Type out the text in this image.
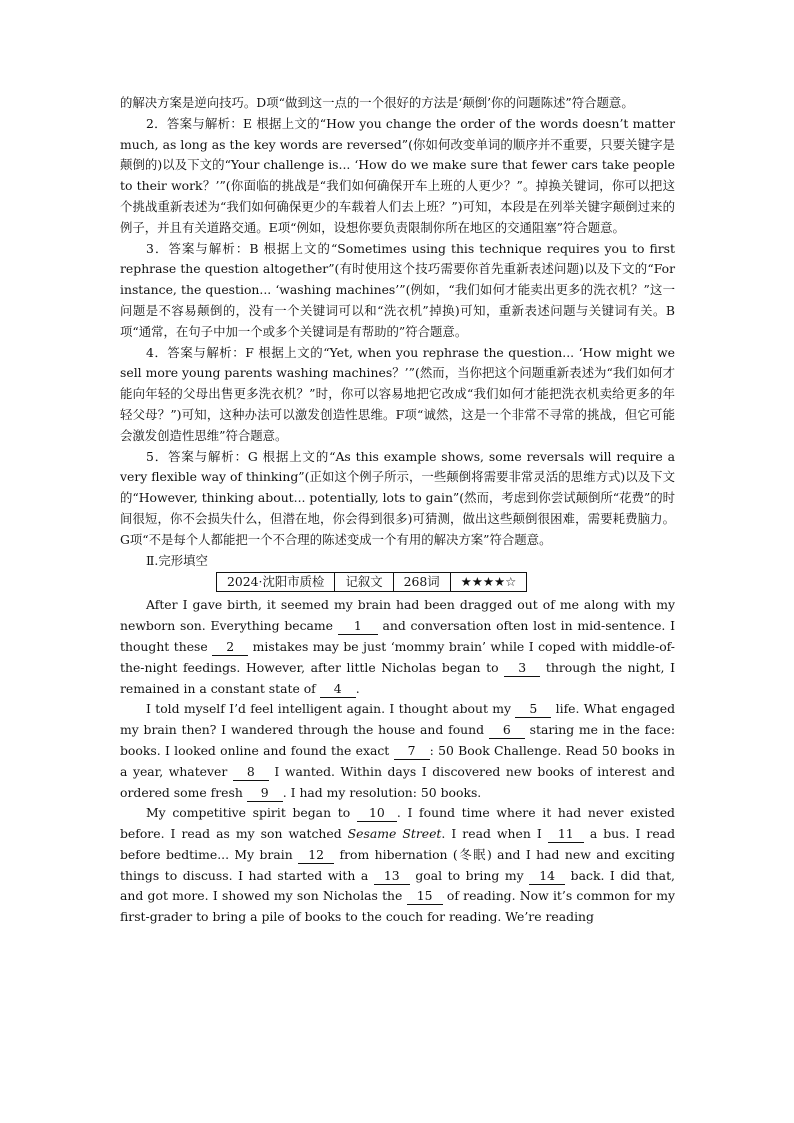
的解决方案是逆向技巧。D项“做到这一点的一个很好的方法是‘颠倒’你的问题陈述”符合题意。

2．答案与解析：E 根据上文的“How you change the order of the words doesn’t matter much, as long as the key words are reversed”(你如何改变单词的顺序并不重要，只要关键字是颠倒的)以及下文的“Your challenge is... ‘How do we make sure that fewer cars take people to their work？’”(你面临的挑战是“我们如何确保开车上班的人更少？”。掉换关键词，你可以把这个挑战重新表述为“我们如何确保更少的车载着人们去上班？”)可知，本段是在列举关键字颠倒过来的例子，并且有关道路交通。E项“例如，设想你要负责限制你所在地区的交通阻塞”符合题意。

3．答案与解析：B 根据上文的“Sometimes using this technique requires you to first rephrase the question altogether”(有时使用这个技巧需要你首先重新表述问题)以及下文的“For instance, the question... ‘washing machines’”(例如，“我们如何才能卖出更多的洗衣机？”这一问题是不容易颠倒的，没有一个关键词可以和“洗衣机”掉换)可知，重新表述问题与关键词有关。B项“通常，在句子中加一个或多个关键词是有帮助的”符合题意。

4．答案与解析：F 根据上文的“Yet, when you rephrase the question... ‘How might we sell more young parents washing machines？’”(然而，当你把这个问题重新表述为“我们如何才能向年轻的父母出售更多洗衣机？”时，你可以容易地把它改成“我们如何才能把洗衣机卖给更多的年轻父母？”)可知，这种办法可以激发创造性思维。F项“诚然，这是一个非常不寻常的挑战，但它可能会激发创造性思维”符合题意。

5．答案与解析：G 根据上文的“As this example shows, some reversals will require a very flexible way of thinking”(正如这个例子所示，一些颠倒将需要非常灵活的思维方式)以及下文的“However, thinking about... potentially, lots to gain”(然而，考虑到你尝试颠倒所“花费”的时间很短，你不会损失什么，但潜在地，你会得到很多)可猜测，做出这些颠倒很困难，需要耗费脑力。G项“不是每个人都能把一个不合理的陈述变成一个有用的解决方案”符合题意。

Ⅱ.完形填空

2024·沈阳市质检	记叙文	268词	★★★★☆

After I gave birth, it seemed my brain had been dragged out of me along with my newborn son. Everything became 1 and conversation often lost in mid-sentence. I thought these 2 mistakes may be just ‘mommy brain’ while I coped with middle-of-the-night feedings. However, after little Nicholas began to 3 through the night, I remained in a constant state of 4 .

I told myself I’d feel intelligent again. I thought about my 5 life. What engaged my brain then? I wandered through the house and found 6 staring me in the face: books. I looked online and found the exact 7 : 50 Book Challenge. Read 50 books in a year, whatever 8 I wanted. Within days I discovered new books of interest and ordered some fresh 9 . I had my resolution: 50 books.

My competitive spirit began to 10 . I found time where it had never existed before. I read as my son watched Sesame Street. I read when I 11 a bus. I read before bedtime... My brain 12 from hibernation (冬眠) and I had new and exciting things to discuss. I had started with a 13 goal to bring my 14 back. I did that, and got more. I showed my son Nicholas the 15 of reading. Now it’s common for my first-grader to bring a pile of books to the couch for reading. We’re reading
